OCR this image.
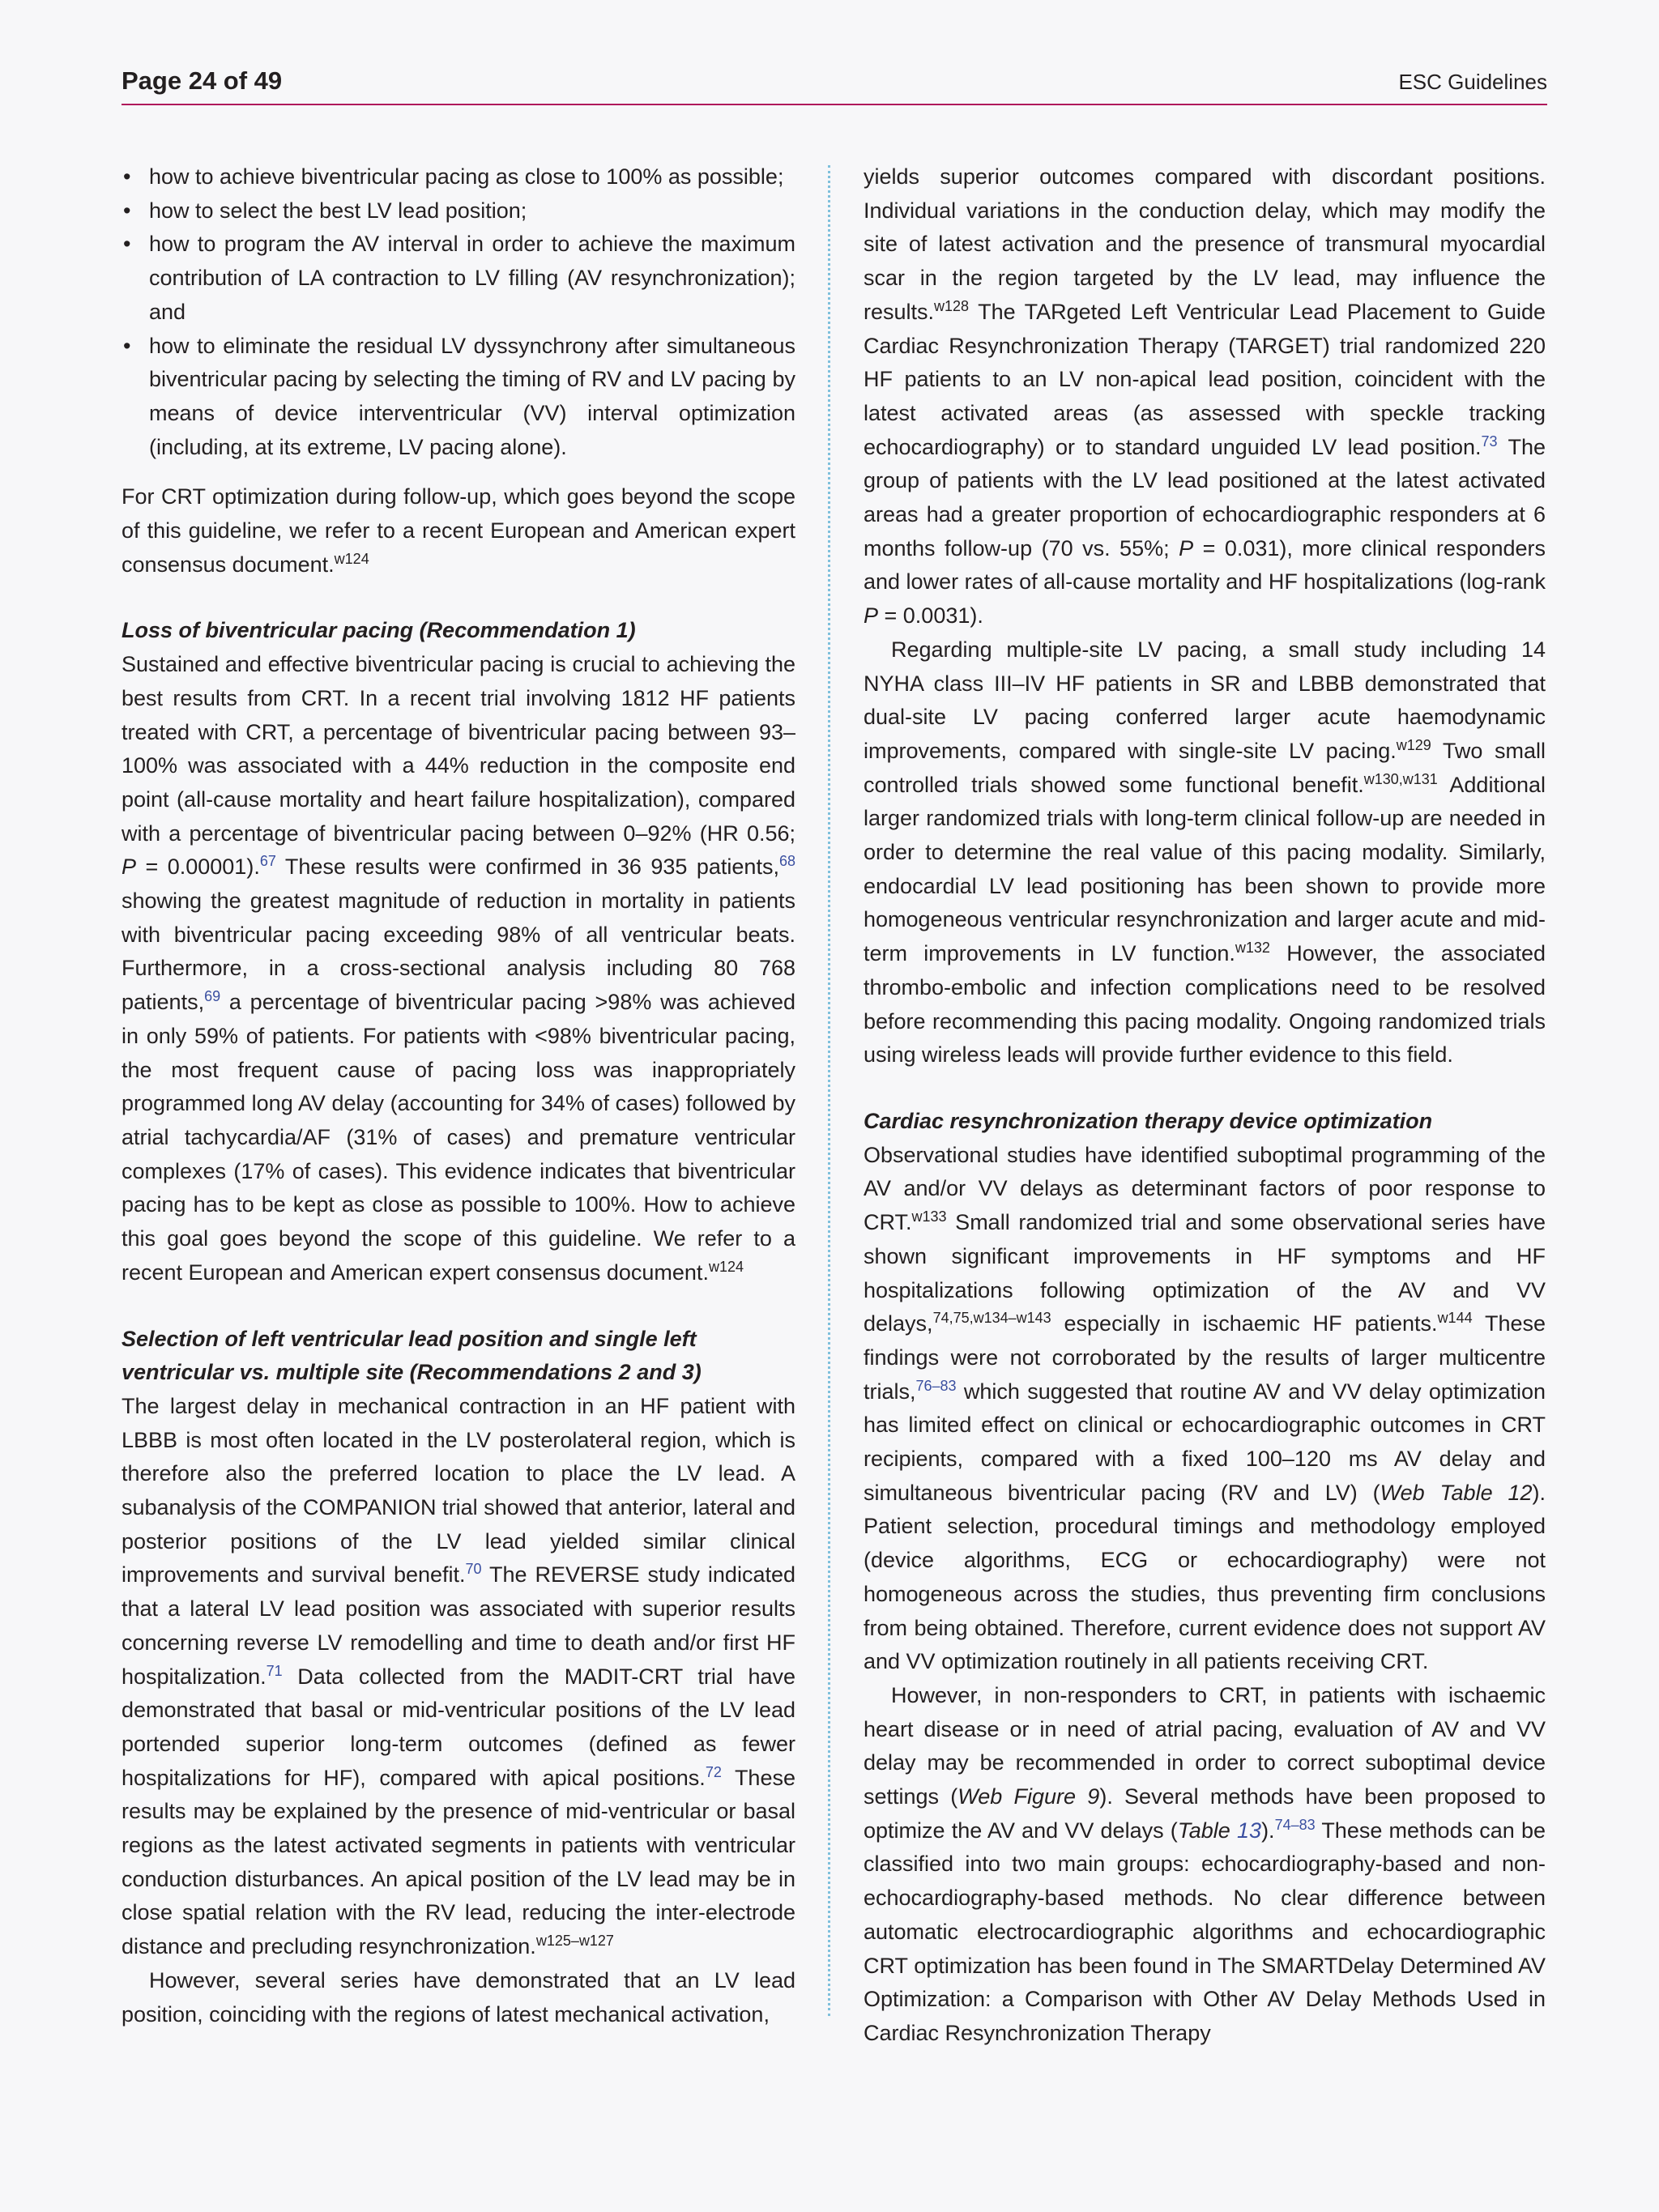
Page 24 of 49	ESC Guidelines
• how to achieve biventricular pacing as close to 100% as possible;
• how to select the best LV lead position;
• how to program the AV interval in order to achieve the maximum contribution of LA contraction to LV filling (AV resynchronization); and
• how to eliminate the residual LV dyssynchrony after simultaneous biventricular pacing by selecting the timing of RV and LV pacing by means of device interventricular (VV) interval optimization (including, at its extreme, LV pacing alone).

For CRT optimization during follow-up, which goes beyond the scope of this guideline, we refer to a recent European and American expert consensus document.$^{w124}$

Loss of biventricular pacing (Recommendation 1)

Sustained and effective biventricular pacing is crucial to achieving the best results from CRT. In a recent trial involving 1812 HF patients treated with CRT, a percentage of biventricular pacing between 93–100% was associated with a 44% reduction in the composite end point (all-cause mortality and heart failure hospitalization), compared with a percentage of biventricular pacing between 0–92% (HR 0.56; P = 0.00001).$^{67}$ These results were confirmed in 36 935 patients,$^{68}$ showing the greatest magnitude of reduction in mortality in patients with biventricular pacing exceeding 98% of all ventricular beats. Furthermore, in a cross-sectional analysis including 80 768 patients,$^{69}$ a percentage of biventricular pacing >98% was achieved in only 59% of patients. For patients with <98% biventricular pacing, the most frequent cause of pacing loss was inappropriately programmed long AV delay (accounting for 34% of cases) followed by atrial tachycardia/AF (31% of cases) and premature ventricular complexes (17% of cases). This evidence indicates that biventricular pacing has to be kept as close as possible to 100%. How to achieve this goal goes beyond the scope of this guideline. We refer to a recent European and American expert consensus document.$^{w124}$

Selection of left ventricular lead position and single left ventricular vs. multiple site (Recommendations 2 and 3)

The largest delay in mechanical contraction in an HF patient with LBBB is most often located in the LV posterolateral region, which is therefore also the preferred location to place the LV lead. A subanalysis of the COMPANION trial showed that anterior, lateral and posterior positions of the LV lead yielded similar clinical improvements and survival benefit.$^{70}$ The REVERSE study indicated that a lateral LV lead position was associated with superior results concerning reverse LV remodelling and time to death and/or first HF hospitalization.$^{71}$ Data collected from the MADIT-CRT trial have demonstrated that basal or mid-ventricular positions of the LV lead portended superior long-term outcomes (defined as fewer hospitalizations for HF), compared with apical positions.$^{72}$ These results may be explained by the presence of mid-ventricular or basal regions as the latest activated segments in patients with ventricular conduction disturbances. An apical position of the LV lead may be in close spatial relation with the RV lead, reducing the inter-electrode distance and precluding resynchronization.$^{w125-w127}$

However, several series have demonstrated that an LV lead position, coinciding with the regions of latest mechanical activation,

yields superior outcomes compared with discordant positions. Individual variations in the conduction delay, which may modify the site of latest activation and the presence of transmural myocardial scar in the region targeted by the LV lead, may influence the results.$^{w128}$ The TARgeted Left Ventricular Lead Placement to Guide Cardiac Resynchronization Therapy (TARGET) trial randomized 220 HF patients to an LV non-apical lead position, coincident with the latest activated areas (as assessed with speckle tracking echocardiography) or to standard unguided LV lead position.$^{73}$ The group of patients with the LV lead positioned at the latest activated areas had a greater proportion of echocardiographic responders at 6 months follow-up (70 vs. 55%; P = 0.031), more clinical responders and lower rates of all-cause mortality and HF hospitalizations (log-rank P = 0.0031).

Regarding multiple-site LV pacing, a small study including 14 NYHA class III–IV HF patients in SR and LBBB demonstrated that dual-site LV pacing conferred larger acute haemodynamic improvements, compared with single-site LV pacing.$^{w129}$ Two small controlled trials showed some functional benefit.$^{w130,w131}$ Additional larger randomized trials with long-term clinical follow-up are needed in order to determine the real value of this pacing modality. Similarly, endocardial LV lead positioning has been shown to provide more homogeneous ventricular resynchronization and larger acute and mid-term improvements in LV function.$^{w132}$ However, the associated thrombo-embolic and infection complications need to be resolved before recommending this pacing modality. Ongoing randomized trials using wireless leads will provide further evidence to this field.

Cardiac resynchronization therapy device optimization

Observational studies have identified suboptimal programming of the AV and/or VV delays as determinant factors of poor response to CRT.$^{w133}$ Small randomized trial and some observational series have shown significant improvements in HF symptoms and HF hospitalizations following optimization of the AV and VV delays,$^{74,75,w134-w143}$ especially in ischaemic HF patients.$^{w144}$ These findings were not corroborated by the results of larger multicentre trials,$^{76-83}$ which suggested that routine AV and VV delay optimization has limited effect on clinical or echocardiographic outcomes in CRT recipients, compared with a fixed 100–120 ms AV delay and simultaneous biventricular pacing (RV and LV) (Web Table 12). Patient selection, procedural timings and methodology employed (device algorithms, ECG or echocardiography) were not homogeneous across the studies, thus preventing firm conclusions from being obtained. Therefore, current evidence does not support AV and VV optimization routinely in all patients receiving CRT.

However, in non-responders to CRT, in patients with ischaemic heart disease or in need of atrial pacing, evaluation of AV and VV delay may be recommended in order to correct suboptimal device settings (Web Figure 9). Several methods have been proposed to optimize the AV and VV delays (Table 13).$^{74-83}$ These methods can be classified into two main groups: echocardiography-based and non-echocardiography-based methods. No clear difference between automatic electrocardiographic algorithms and echocardiographic CRT optimization has been found in The SMARTDelay Determined AV Optimization: a Comparison with Other AV Delay Methods Used in Cardiac Resynchronization Therapy
